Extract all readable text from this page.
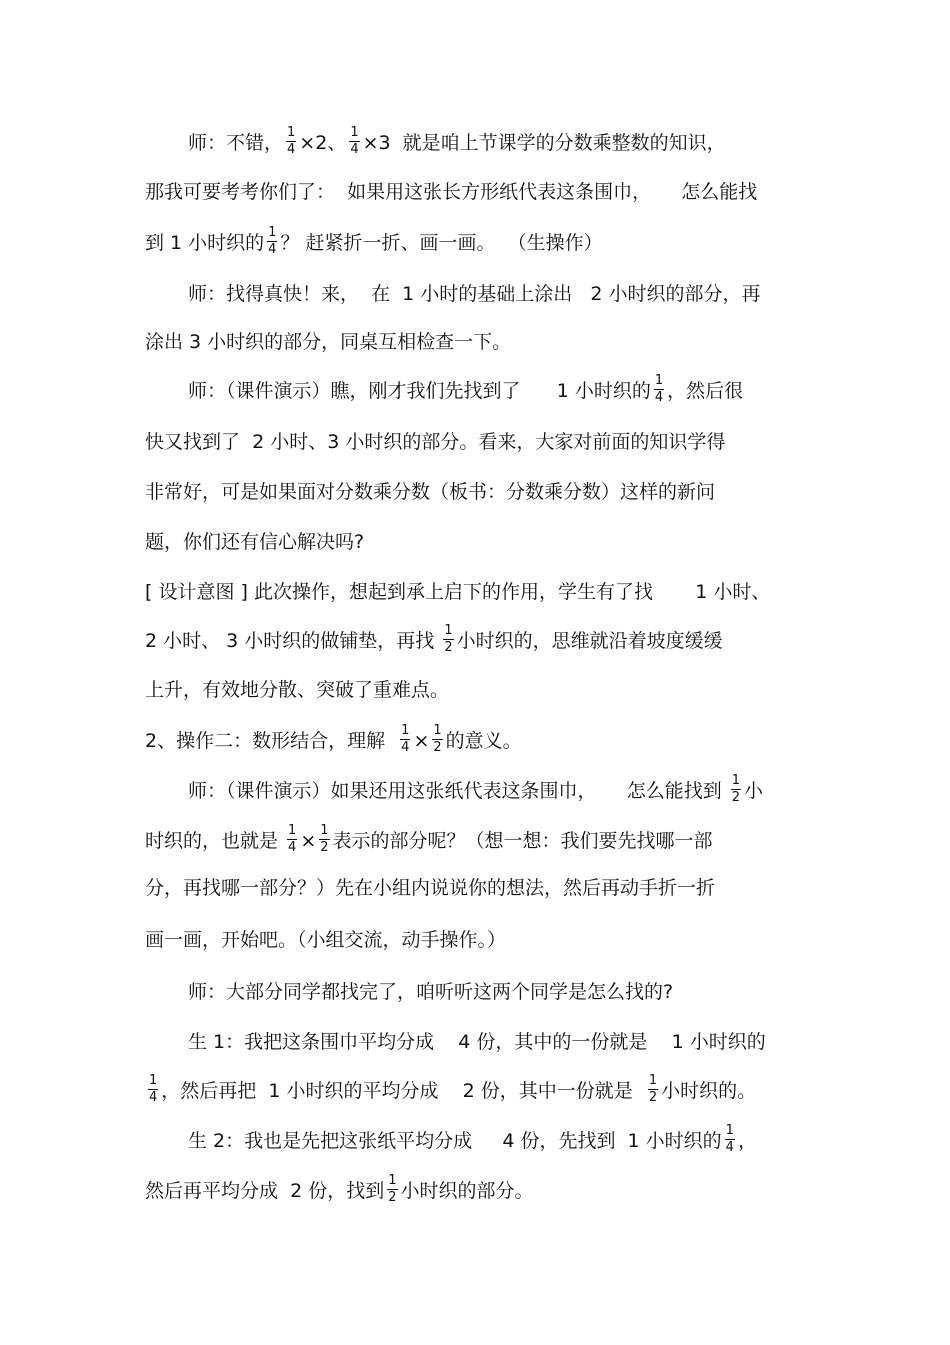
师：不错， $\frac{1}{4} \times 2$、 $\frac{1}{4} \times 3$  就是咱上节课学的分数乘整数的知识，
那我可要考考你们了：  如果用这张长方形纸代表这条围巾，     怎么能找
到 1 小时织的 $\frac{1}{4}$ ？ 赶紧折一折、画一画。  （生操作）
师：找得真快！来，  在  1 小时的基础上涂出   2 小时织的部分，再
涂出 3 小时织的部分，同桌互相检查一下。
师：（课件演示）瞧，刚才我们先找到了      1 小时织的 $\frac{1}{4}$ ，然后很
快又找到了  2 小时、3 小时织的部分。看来，大家对前面的知识学得
非常好，可是如果面对分数乘分数（板书：分数乘分数）这样的新问
题，你们还有信心解决吗?
[ 设计意图 ] 此次操作，想起到承上启下的作用，学生有了找       1 小时、
2 小时、 3 小时织的做铺垫，再找 $\frac{1}{2}$ 小时织的，思维就沿着坡度缓缓
上升，有效地分散、突破了重难点。
2、操作二：数形结合，理解 $\frac{1}{4} \times \frac{1}{2}$ 的意义。
师：（课件演示）如果还用这张纸代表这条围巾，     怎么能找到 $\frac{1}{2}$ 小
时织的，也就是 $\frac{1}{4} \times \frac{1}{2}$ 表示的部分呢？（想一想：我们要先找哪一部
分，再找哪一部分？）先在小组内说说你的想法，然后再动手折一折
画一画，开始吧。（小组交流，动手操作。）
师：大部分同学都找完了，咱听听这两个同学是怎么找的?
生 1：我把这条围巾平均分成    4 份，其中的一份就是    1 小时织的
$\frac{1}{4}$ ，然后再把  1 小时织的平均分成    2 份，其中一份就是 $\frac{1}{2}$ 小时织的。
生 2：我也是先把这张纸平均分成     4 份，先找到  1 小时织的 $\frac{1}{4}$ ，
然后再平均分成  2 份，找到 $\frac{1}{2}$ 小时织的部分。
